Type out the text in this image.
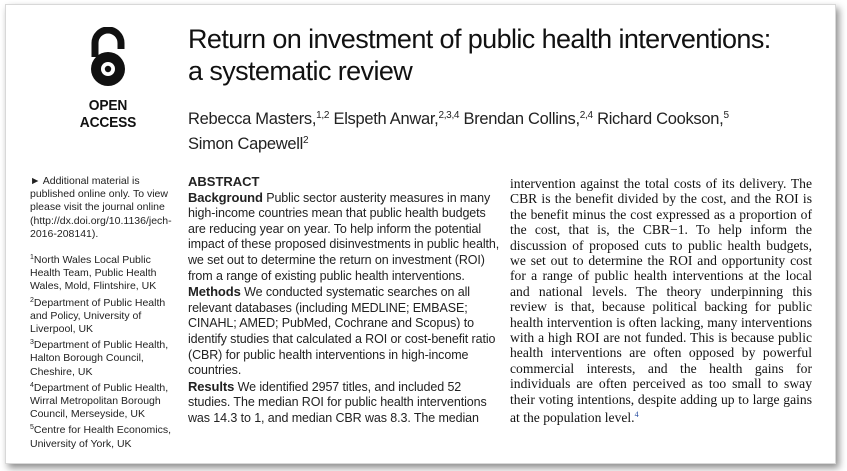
OPEN ACCESS
Return on investment of public health interventions:
a systematic review
Rebecca Masters,$^{1,2}$ Elspeth Anwar,$^{2,3,4}$ Brendan Collins,$^{2,4}$ Richard Cookson,$^5$
Simon Capewell$^2$
► Additional material is published online only. To view please visit the journal online (http://dx.doi.org/10.1136/jech-2016-208141).

$^1$North Wales Local Public Health Team, Public Health Wales, Mold, Flintshire, UK

$^2$Department of Public Health and Policy, University of Liverpool, UK

$^3$Department of Public Health, Halton Borough Council, Cheshire, UK

$^4$Department of Public Health, Wirral Metropolitan Borough Council, Merseyside, UK

$^5$Centre for Health Economics, University of York, UK

ABSTRACT

Background Public sector austerity measures in many high-income countries mean that public health budgets are reducing year on year. To help inform the potential impact of these proposed disinvestments in public health, we set out to determine the return on investment (ROI) from a range of existing public health interventions.

Methods We conducted systematic searches on all relevant databases (including MEDLINE; EMBASE; CINAHL; AMED; PubMed, Cochrane and Scopus) to identify studies that calculated a ROI or cost-benefit ratio (CBR) for public health interventions in high-income countries.

Results We identified 2957 titles, and included 52 studies. The median ROI for public health interventions was 14.3 to 1, and median CBR was 8.3. The median

intervention against the total costs of its delivery. The CBR is the benefit divided by the cost, and the ROI is the benefit minus the cost expressed as a proportion of the cost, that is, the CBR−1. To help inform the discussion of proposed cuts to public health budgets, we set out to determine the ROI and opportunity cost for a range of public health interventions at the local and national levels. The theory underpinning this review is that, because political backing for public health intervention is often lacking, many interventions with a high ROI are not funded. This is because public health interventions are often opposed by powerful commercial interests, and the health gains for individuals are often perceived as too small to sway their voting intentions, despite adding up to large gains at the population level.$^4$
